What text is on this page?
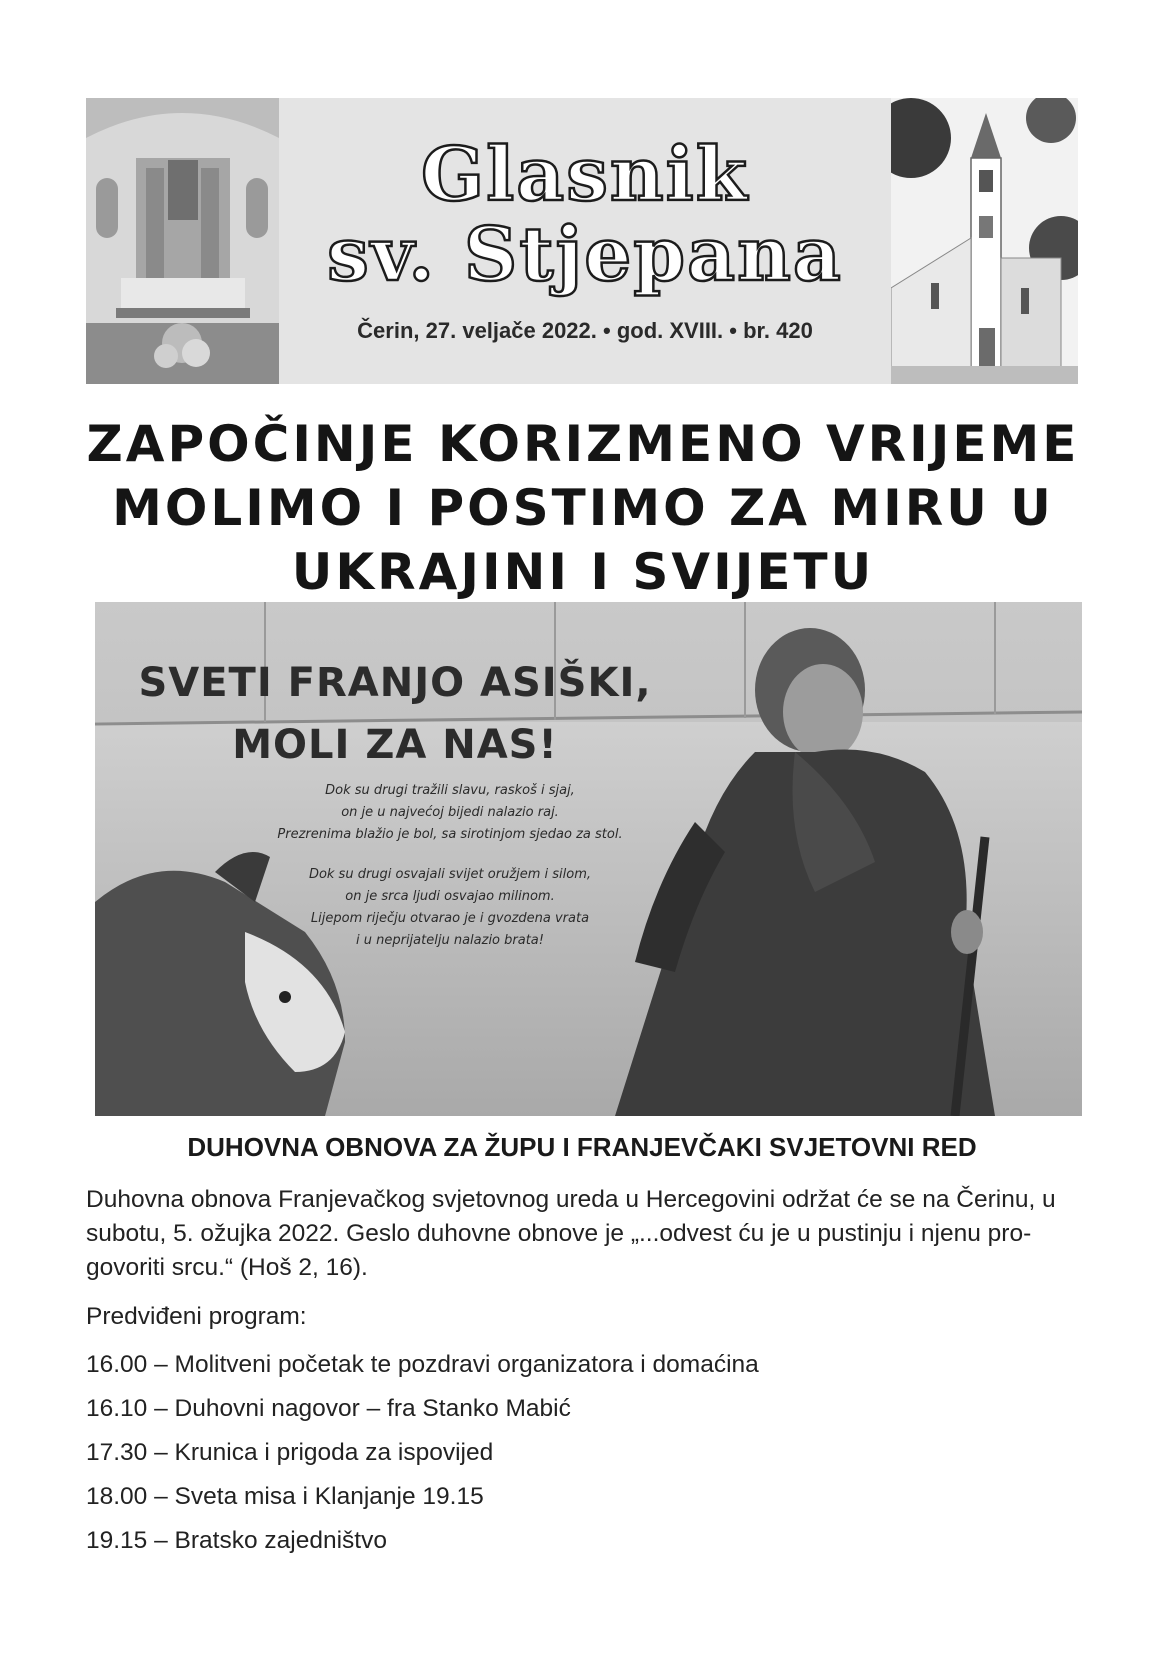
Glasnik
sv. Stjepana
Čerin, 27. veljače 2022. • god. XVIII. • br. 420
ZAPOČINJE KORIZMENO VRIJEME
MOLIMO I POSTIMO ZA MIRU U
UKRAJINI I SVIJETU
SVETI FRANJO ASIŠKI,
MOLI ZA NAS!

Dok su drugi tražili slavu, raskoš i sjaj,
on je u najvećoj bijedi nalazio raj.
Prezrenima blažio je bol, sa sirotinjom sjedao za stol.

Dok su drugi osvajali svijet oružjem i silom,
on je srca ljudi osvajao milinom.
Lijepom riječju otvarao je i gvozdena vrata
i u neprijatelju nalazio brata!

DUHOVNA OBNOVA ZA ŽUPU I FRANJEVČAKI SVJETOVNI RED
Duhovna obnova Franjevačkog svjetovnog ureda u Hercegovini održat će se na Čerinu, u
subotu, 5. ožujka 2022. Geslo duhovne obnove je „...odvest ću je u pustinju i njenu pro-
govoriti srcu.“ (Hoš 2, 16).
Predviđeni program:
16.00 – Molitveni početak te pozdravi organizatora i domaćina
16.10 – Duhovni nagovor – fra Stanko Mabić
17.30 – Krunica i prigoda za ispovijed
18.00 – Sveta misa i Klanjanje 19.15
19.15 – Bratsko zajedništvo
